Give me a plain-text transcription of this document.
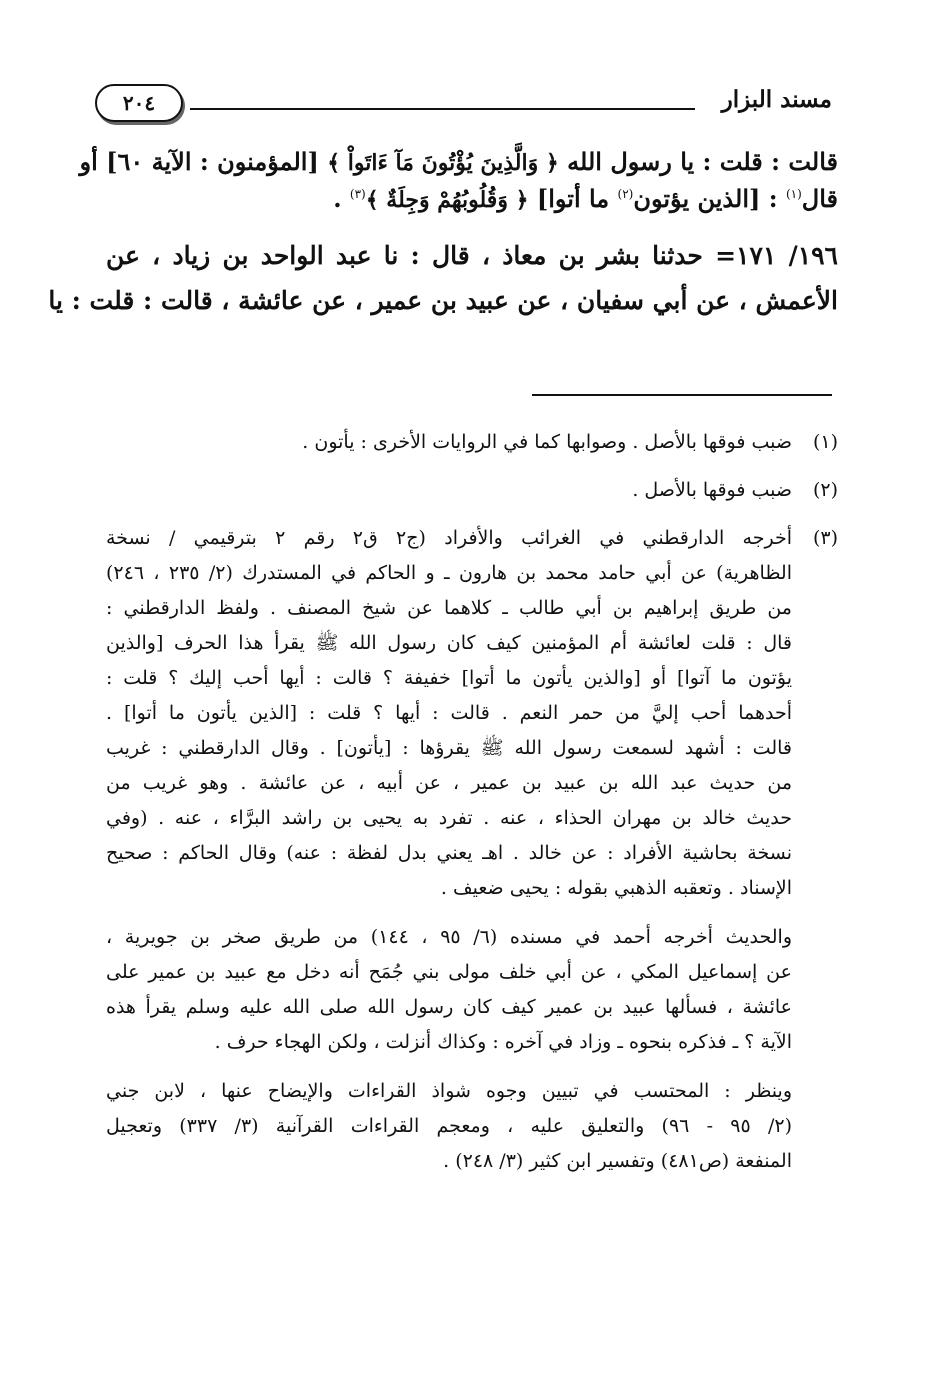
مسند البزار
٢٠٤
قالت : قلت : يا رسول الله ﴿ وَالَّذِينَ يُؤْتُونَ مَآ ءَاتَواْ ﴾ [المؤمنون : الآية ٦٠] أو
قال$^{(١)}$ : [الذين يؤتون$^{(٢)}$ ما أتوا] ﴿ وَقُلُوبُهُمْ وَجِلَةٌ ﴾$^{(٣)}$ .
١٩٦/ ١٧١= حدثنا بشر بن معاذ ، قال : نا عبد الواحد بن زياد ، عن
الأعمش ، عن أبي سفيان ، عن عبيد بن عمير ، عن عائشة ، قالت : قلت : يا
(١)
ضبب فوقها بالأصل . وصوابها كما في الروايات الأخرى : يأتون .
(٢)
ضبب فوقها بالأصل .
(٣)
أخرجه الدارقطني في الغرائب والأفراد (ج٢ ق٢ رقم ٢ بترقيمي / نسخة
الظاهرية) عن أبي حامد محمد بن هارون ـ و الحاكم في المستدرك (٢/ ٢٣٥ ، ٢٤٦)
من طريق إبراهيم بن أبي طالب ـ كلاهما عن شيخ المصنف . ولفظ الدارقطني :
قال : قلت لعائشة أم المؤمنين كيف كان رسول الله ﷺ يقرأ هذا الحرف [والذين
يؤتون ما آتوا] أو [والذين يأتون ما أتوا] خفيفة ؟ قالت : أيها أحب إليك ؟ قلت :
أحدهما أحب إليَّ من حمر النعم . قالت : أيها ؟ قلت : [الذين يأتون ما أتوا] .
قالت : أشهد لسمعت رسول الله ﷺ يقرؤها : [يأتون] . وقال الدارقطني : غريب
من حديث عبد الله بن عبيد بن عمير ، عن أبيه ، عن عائشة . وهو غريب من
حديث خالد بن مهران الحذاء ، عنه . تفرد به يحيى بن راشد البرَّاء ، عنه . (وفي
نسخة بحاشية الأفراد : عن خالد . اهـ يعني بدل لفظة : عنه) وقال الحاكم : صحيح
الإسناد . وتعقبه الذهبي بقوله : يحيى ضعيف .
والحديث أخرجه أحمد في مسنده (٦/ ٩٥ ، ١٤٤) من طريق صخر بن جويرية ،
عن إسماعيل المكي ، عن أبي خلف مولى بني جُمَح أنه دخل مع عبيد بن عمير على
عائشة ، فسألها عبيد بن عمير كيف كان رسول الله صلى الله عليه وسلم يقرأ هذه
الآية ؟ ـ فذكره بنحوه ـ وزاد في آخره : وكذاك أنزلت ، ولكن الهجاء حرف .
وينظر : المحتسب في تبيين وجوه شواذ القراءات والإيضاح عنها ، لابن جني
(٢/ ٩٥ - ٩٦) والتعليق عليه ، ومعجم القراءات القرآنية (٣/ ٣٣٧) وتعجيل
المنفعة (ص٤٨١) وتفسير ابن كثير (٣/ ٢٤٨) .
